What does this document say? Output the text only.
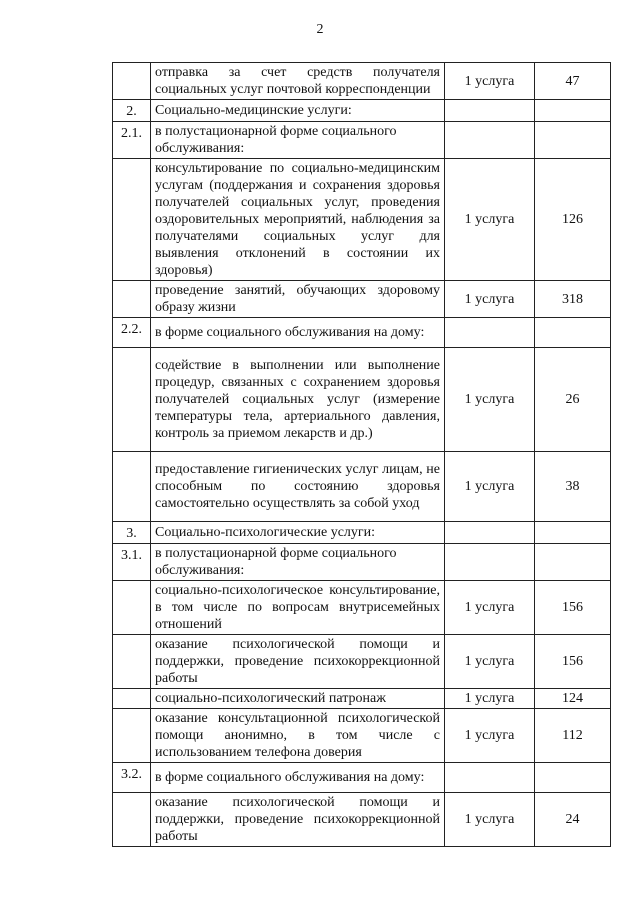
2
	отправка за счет средств получателя социальных услуг почтовой корреспонденции	1 услуга	47
2.	Социально-медицинские услуги:		
2.1.	в полустационарной форме социального обслуживания:		
	консультирование по социально-медицинским услугам (поддержания и сохранения здоровья получателей социальных услуг, проведения оздоровительных мероприятий, наблюдения за получателями социальных услуг для выявления отклонений в состоянии их здоровья)	1 услуга	126
	проведение занятий, обучающих здоровому образу жизни	1 услуга	318
2.2.	в форме социального обслуживания на дому:		
	содействие в выполнении или выполнение процедур, связанных с сохранением здоровья получателей социальных услуг (измерение температуры тела, артериального давления, контроль за приемом лекарств и др.)	1 услуга	26
	предоставление гигиенических услуг лицам, не способным по состоянию здоровья самостоятельно осуществлять за собой уход	1 услуга	38
3.	Социально-психологические услуги:		
3.1.	в полустационарной форме социального обслуживания:		
	социально-психологическое консультирование, в том числе по вопросам внутрисемейных отношений	1 услуга	156
	оказание психологической помощи и поддержки, проведение психокоррекционной работы	1 услуга	156
	социально-психологический патронаж	1 услуга	124
	оказание консультационной психологической помощи анонимно, в том числе с использованием телефона доверия	1 услуга	112
3.2.	в форме социального обслуживания на дому:		
	оказание психологической помощи и поддержки, проведение психокоррекционной работы	1 услуга	24
